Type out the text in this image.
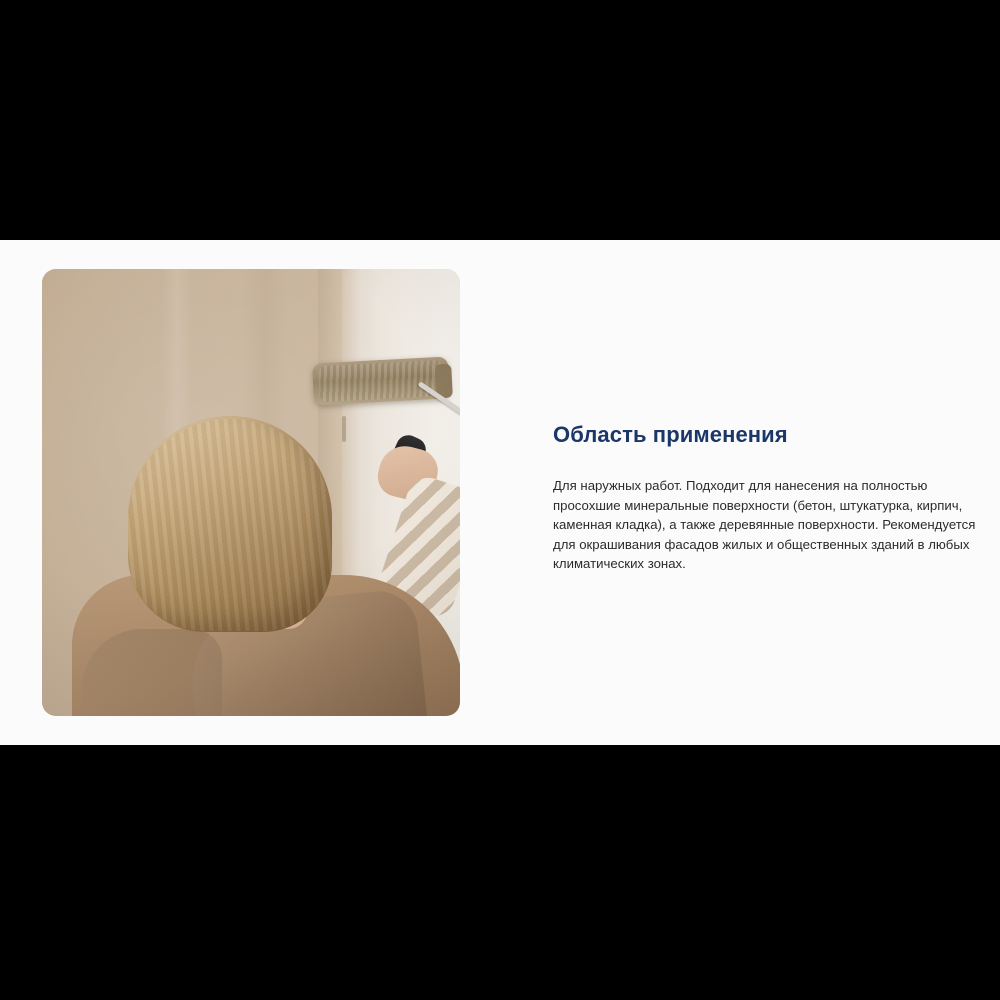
Область применения

Для наружных работ. Подходит для нанесения на полностью просохшие минеральные поверхности (бетон, штукатурка, кирпич, каменная кладка), а также деревянные поверхности. Рекомендуется для окрашивания фасадов жилых и общественных зданий в любых климатических зонах.
